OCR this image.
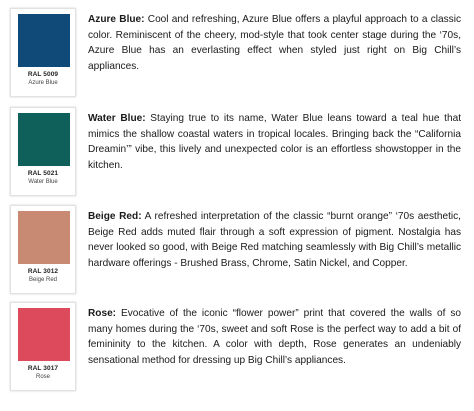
RAL 5009
Azure Blue

Azure Blue: Cool and refreshing, Azure Blue offers a playful approach to a classic color. Reminiscent of the cheery, mod-style that took center stage during the ‘70s, Azure Blue has an everlasting effect when styled just right on Big Chill’s appliances.

RAL 5021
Water Blue

Water Blue: Staying true to its name, Water Blue leans toward a teal hue that mimics the shallow coastal waters in tropical locales. Bringing back the “California Dreamin’” vibe, this lively and unexpected color is an effortless showstopper in the kitchen.

RAL 3012
Beige Red

Beige Red: A refreshed interpretation of the classic “burnt orange” ‘70s aesthetic, Beige Red adds muted flair through a soft expression of pigment. Nostalgia has never looked so good, with Beige Red matching seamlessly with Big Chill’s metallic hardware offerings - Brushed Brass, Chrome, Satin Nickel, and Copper.

RAL 3017
Rose

Rose: Evocative of the iconic “flower power” print that covered the walls of so many homes during the ‘70s, sweet and soft Rose is the perfect way to add a bit of femininity to the kitchen. A color with depth, Rose generates an undeniably sensational method for dressing up Big Chill’s appliances.
